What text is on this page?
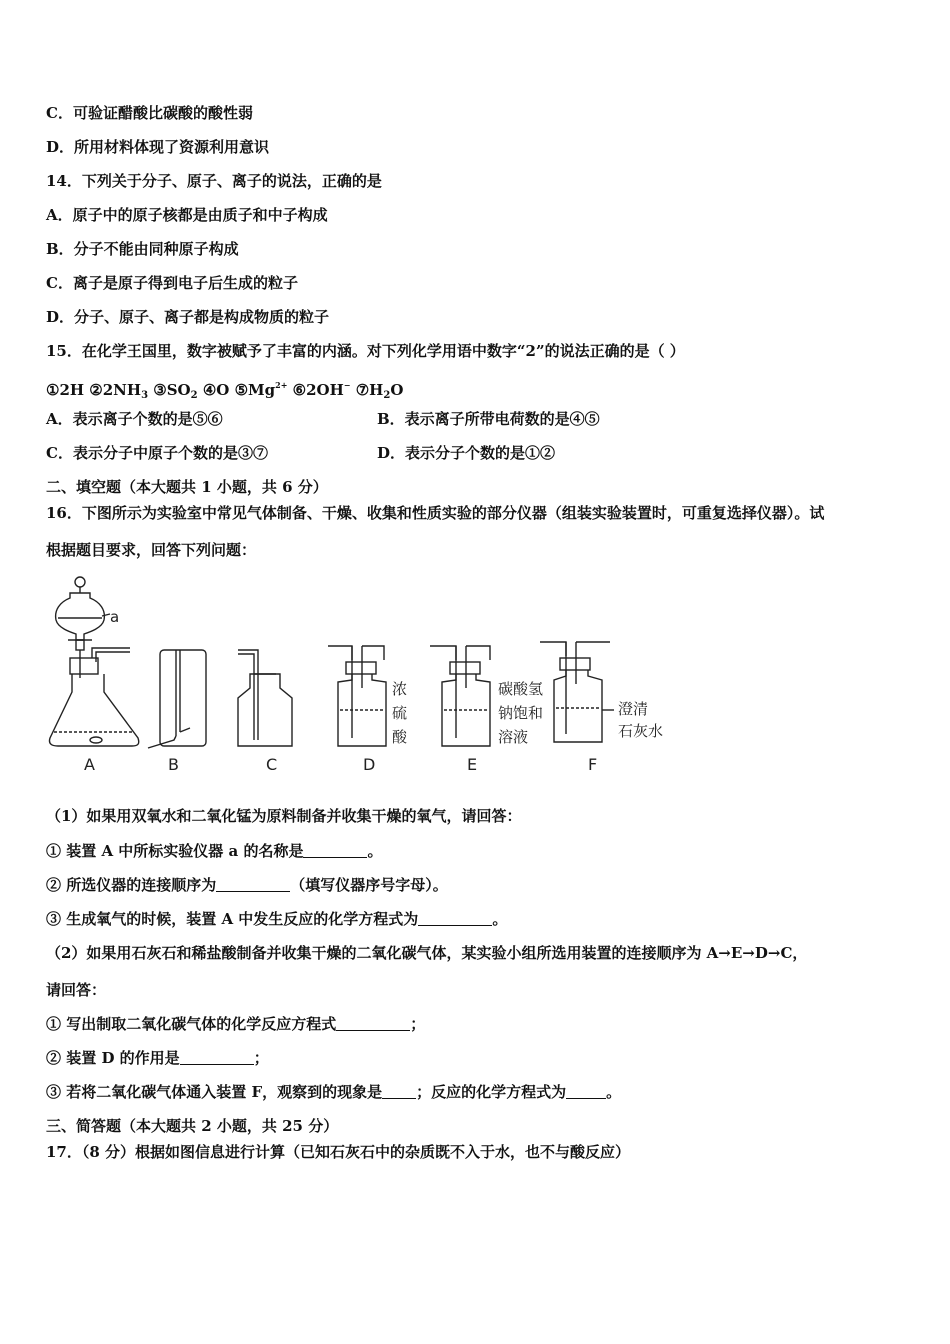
C．可验证醋酸比碳酸的酸性弱
D．所用材料体现了资源利用意识
14．下列关于分子、原子、离子的说法，正确的是
A．原子中的原子核都是由质子和中子构成
B．分子不能由同种原子构成
C．离子是原子得到电子后生成的粒子
D．分子、原子、离子都是构成物质的粒子
15．在化学王国里，数字被赋予了丰富的内涵。对下列化学用语中数字“2”的说法正确的是（ ）
①2H $②2NH_3$ $③SO_2$ ④O $⑤Mg^{2+}$ ⑥2OH− $⑦H_2O$
A．表示离子个数的是⑤⑥	B．表示离子所带电荷数的是④⑤
C．表示分子中原子个数的是③⑦	D．表示分子个数的是①②
二、填空题（本大题共 1 小题，共 6 分）
16．下图所示为实验室中常见气体制备、干燥、收集和性质实验的部分仪器（组装实验装置时，可重复选择仪器）。试
根据题目要求，回答下列问题：
a
A	B	C	D	E	F
浓
硫
酸
碳酸氢
钠饱和
溶液
澄清
石灰水
（1）如果用双氧水和二氧化锰为原料制备并收集干燥的氧气，请回答：
① 装置 A 中所标实验仪器 a 的名称是	。
② 所选仪器的连接顺序为	（填写仪器序号字母）。
③ 生成氧气的时候，装置 A 中发生反应的化学方程式为	。
（2）如果用石灰石和稀盐酸制备并收集干燥的二氧化碳气体，某实验小组所选用装置的连接顺序为 A→E→D→C，
请回答：
① 写出制取二氧化碳气体的化学反应方程式	；
② 装置 D 的作用是	；
③ 若将二氧化碳气体通入装置 F，观察到的现象是 ；反应的化学方程式为	。
三、简答题（本大题共 2 小题，共 25 分）
17．（8 分）根据如图信息进行计算（已知石灰石中的杂质既不入于水，也不与酸反应）
